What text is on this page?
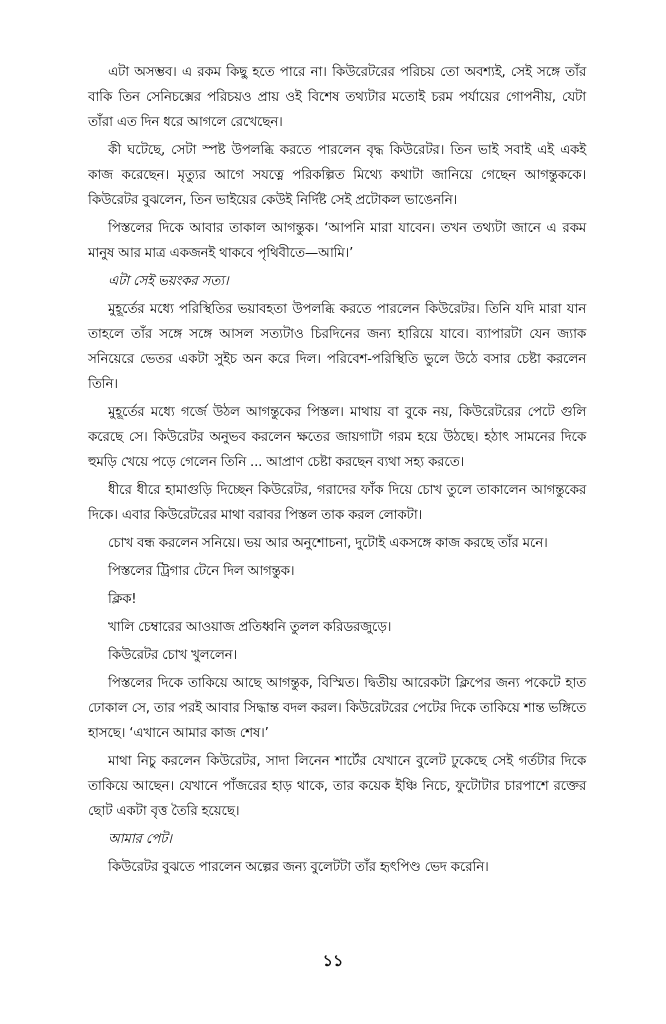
এটা অসম্ভব। এ রকম কিছু হতে পারে না। কিউরেটরের পরিচয় তো অবশ্যই, সেই সঙ্গে তাঁর বাকি তিন সেনিচক্সের পরিচয়ও প্রায় ওই বিশেষ তথ্যটার মতোই চরম পর্যায়ের গোপনীয়, যেটা তাঁরা এত দিন ধরে আগলে রেখেছেন।

কী ঘটেছে, সেটা স্পষ্ট উপলব্ধি করতে পারলেন বৃদ্ধ কিউরেটর। তিন ভাই সবাই এই একই কাজ করেছেন। মৃত্যুর আগে সযত্নে পরিকল্পিত মিথ্যে কথাটা জানিয়ে গেছেন আগন্তুককে। কিউরেটর বুঝলেন, তিন ভাইয়ের কেউই নির্দিষ্ট সেই প্রটোকল ভাঙেননি।

পিস্তলের দিকে আবার তাকাল আগন্তুক। ‘আপনি মারা যাবেন। তখন তথ্যটা জানে এ রকম মানুষ আর মাত্র একজনই থাকবে পৃথিবীতে—আমি।’

এটা সেই ভয়ংকর সত্য।

মুহূর্তের মধ্যে পরিস্থিতির ভয়াবহতা উপলব্ধি করতে পারলেন কিউরেটর। তিনি যদি মারা যান তাহলে তাঁর সঙ্গে সঙ্গে আসল সত্যটাও চিরদিনের জন্য হারিয়ে যাবে। ব্যাপারটা যেন জ্যাক সনিয়েরে ভেতর একটা সুইচ অন করে দিল। পরিবেশ-পরিস্থিতি ভুলে উঠে বসার চেষ্টা করলেন তিনি।

মুহূর্তের মধ্যে গর্জে উঠল আগন্তুকের পিস্তল। মাথায় বা বুকে নয়, কিউরেটরের পেটে গুলি করেছে সে। কিউরেটর অনুভব করলেন ক্ষতের জায়গাটা গরম হয়ে উঠছে। হঠাৎ সামনের দিকে হুমড়ি খেয়ে পড়ে গেলেন তিনি ... আপ্রাণ চেষ্টা করছেন ব্যথা সহ্য করতে।

ধীরে ধীরে হামাগুড়ি দিচ্ছেন কিউরেটর, গরাদের ফাঁক দিয়ে চোখ তুলে তাকালেন আগন্তুকের দিকে। এবার কিউরেটরের মাথা বরাবর পিস্তল তাক করল লোকটা।

চোখ বন্ধ করলেন সনিয়ে। ভয় আর অনুশোচনা, দুটোই একসঙ্গে কাজ করছে তাঁর মনে।

পিস্তলের ট্রিগার টেনে দিল আগন্তুক।

ক্লিক!

খালি চেম্বারের আওয়াজ প্রতিধ্বনি তুলল করিডরজুড়ে।

কিউরেটর চোখ খুললেন।

পিস্তলের দিকে তাকিয়ে আছে আগন্তুক, বিস্মিত। দ্বিতীয় আরেকটা ক্লিপের জন্য পকেটে হাত ঢোকাল সে, তার পরই আবার সিদ্ধান্ত বদল করল। কিউরেটরের পেটের দিকে তাকিয়ে শান্ত ভঙ্গিতে হাসছে। ‘এখানে আমার কাজ শেষ।’

মাথা নিচু করলেন কিউরেটর, সাদা লিনেন শার্টের যেখানে বুলেট ঢুকেছে সেই গর্তটার দিকে তাকিয়ে আছেন। যেখানে পাঁজরের হাড় থাকে, তার কয়েক ইঞ্চি নিচে, ফুটোটার চারপাশে রক্তের ছোট একটা বৃত্ত তৈরি হয়েছে।

আমার পেট।

কিউরেটর বুঝতে পারলেন অল্পের জন্য বুলেটটা তাঁর হৃৎপিণ্ড ভেদ করেনি।

১১
